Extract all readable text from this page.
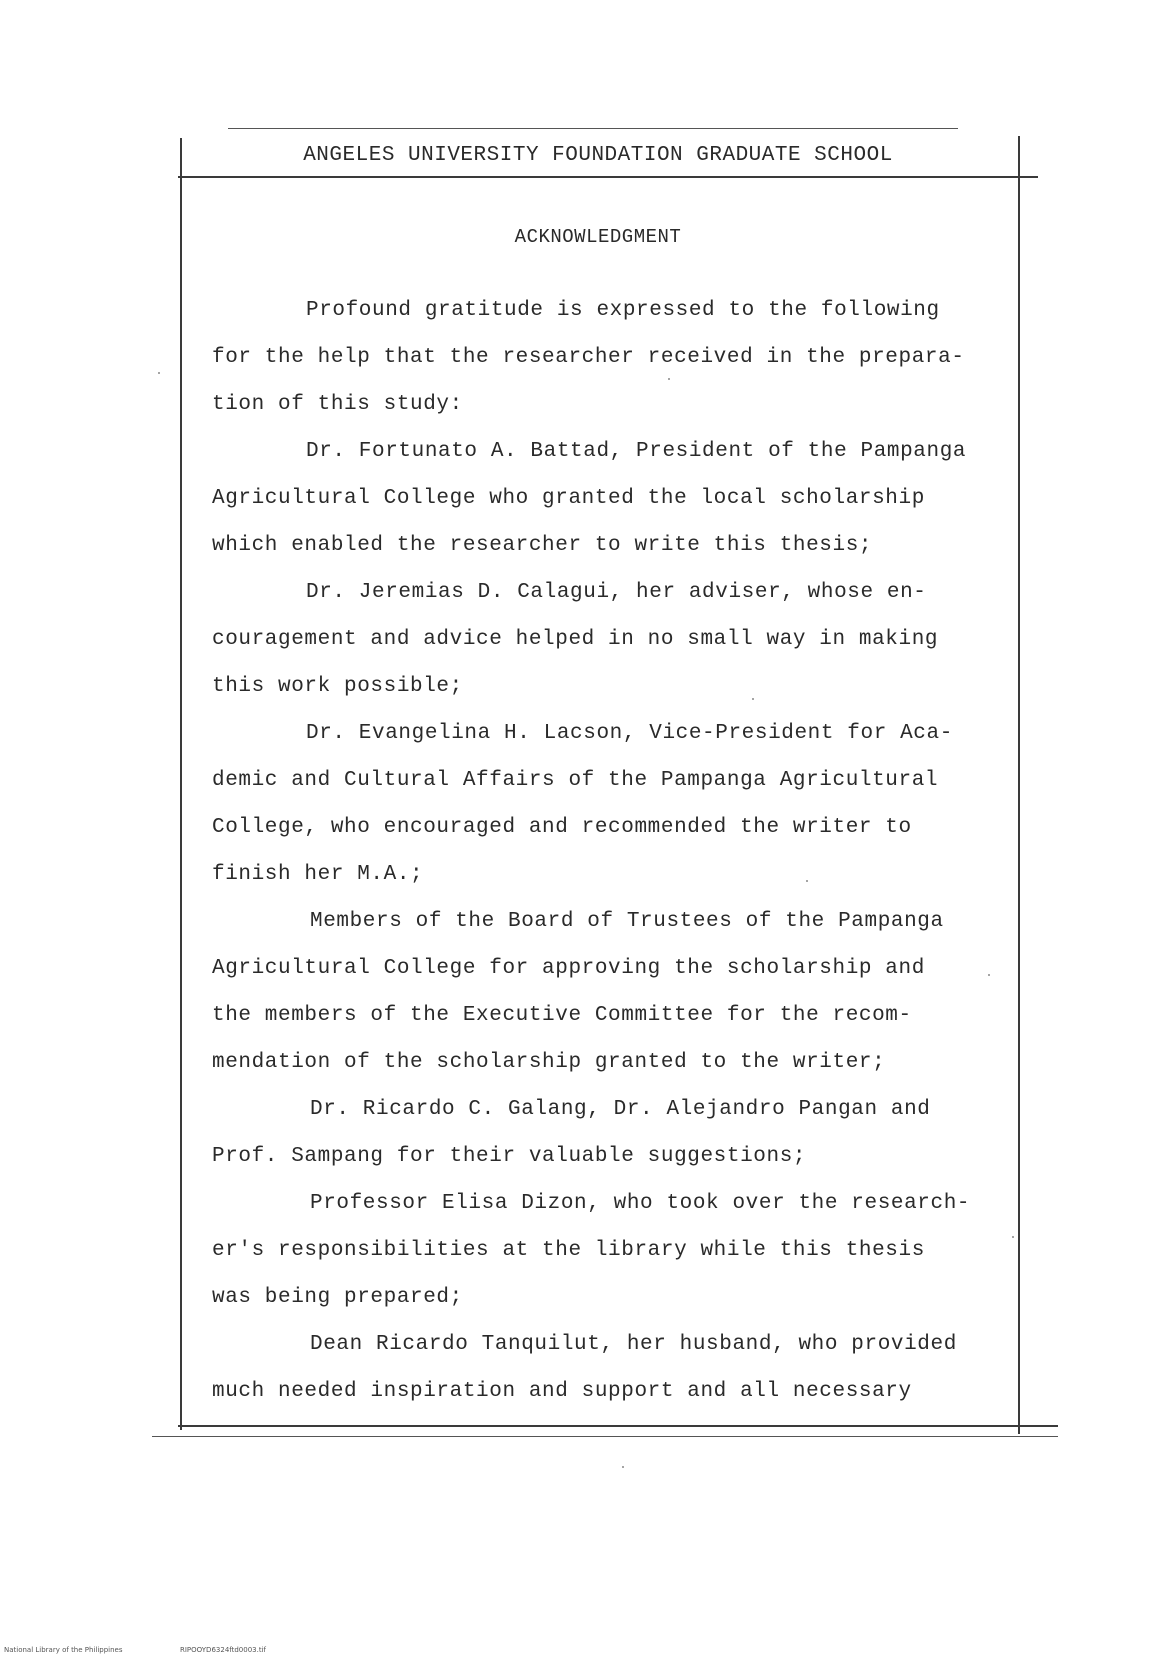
ANGELES UNIVERSITY FOUNDATION GRADUATE SCHOOL
ACKNOWLEDGMENT
Profound gratitude is expressed to the following
for the help that the researcher received in the prepara-
tion of this study:
Dr. Fortunato A. Battad, President of the Pampanga
Agricultural College who granted the local scholarship
which enabled the researcher to write this thesis;
Dr. Jeremias D. Calagui, her adviser, whose en-
couragement and advice helped in no small way in making
this work possible;
Dr. Evangelina H. Lacson, Vice-President for Aca-
demic and Cultural Affairs of the Pampanga Agricultural
College, who encouraged and recommended the writer to
finish her M.A.;
Members of the Board of Trustees of the Pampanga
Agricultural College for approving the scholarship and
the members of the Executive Committee for the recom-
mendation of the scholarship granted to the writer;
Dr. Ricardo C. Galang, Dr. Alejandro Pangan and
Prof. Sampang for their valuable suggestions;
Professor Elisa Dizon, who took over the research-
er's responsibilities at the library while this thesis
was being prepared;
Dean Ricardo Tanquilut, her husband, who provided
much needed inspiration and support and all necessary
National Library of the Philippines	RIPOOYD6324ftd0003.tif
